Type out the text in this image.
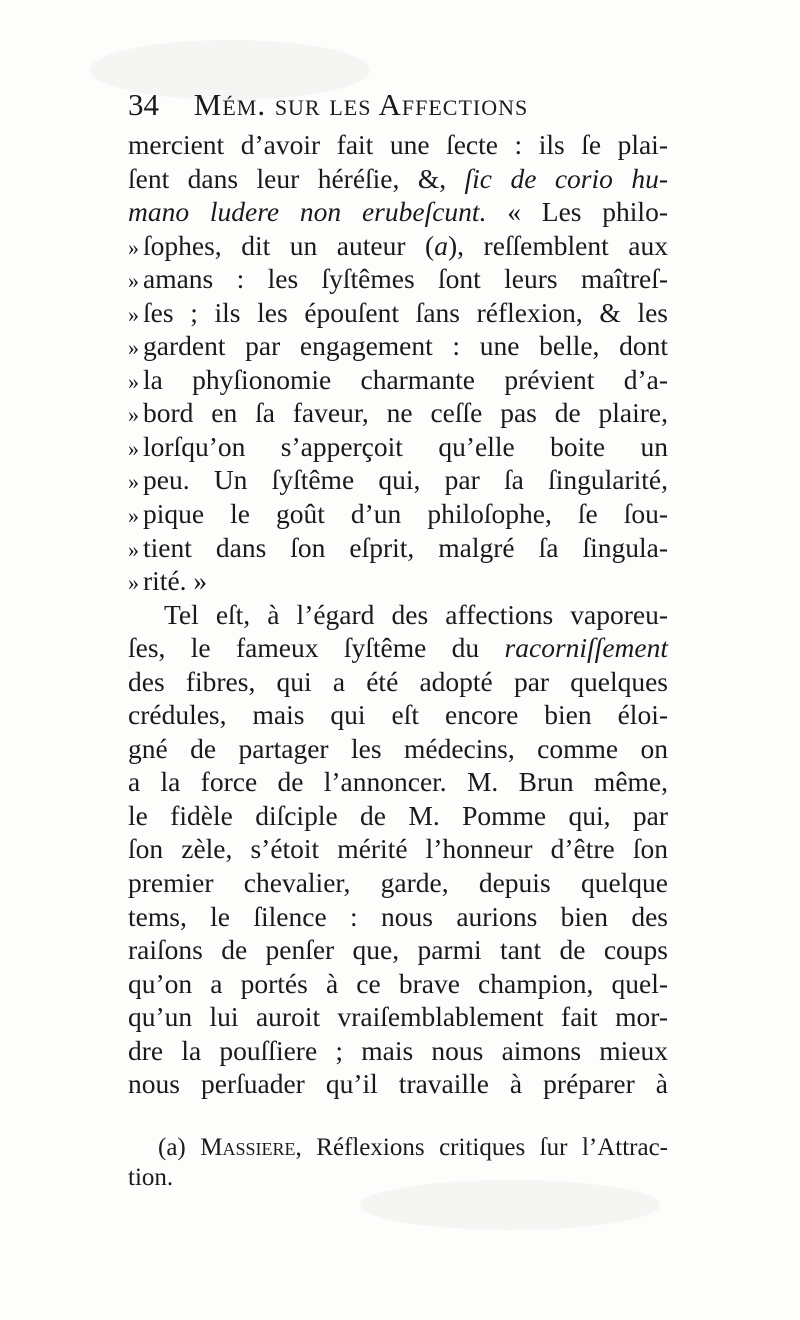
34 Mém. sur les Affections
mercient d’avoir fait une ſecte : ils ſe plai-
ſent dans leur héréſie, &, ſic de corio hu-
mano ludere non erubeſcunt. « Les philo-
» ſophes, dit un auteur (a), reſſemblent aux
» amans : les ſyſtêmes ſont leurs maîtreſ-
» ſes ; ils les épouſent ſans réflexion, & les
» gardent par engagement : une belle, dont
» la phyſionomie charmante prévient d’a-
» bord en ſa faveur, ne ceſſe pas de plaire,
» lorſqu’on s’apperçoit qu’elle boite un
» peu. Un ſyſtême qui, par ſa ſingularité,
» pique le goût d’un philoſophe, ſe ſou-
» tient dans ſon eſprit, malgré ſa ſingula-
» rité. »
Tel eſt, à l’égard des affections vaporeu-
ſes, le fameux ſyſtême du racorniſſement
des fibres, qui a été adopté par quelques
crédules, mais qui eſt encore bien éloi-
gné de partager les médecins, comme on
a la force de l’annoncer. M. Brun même,
le fidèle diſciple de M. Pomme qui, par
ſon zèle, s’étoit mérité l’honneur d’être ſon
premier chevalier, garde, depuis quelque
tems, le ſilence : nous aurions bien des
raiſons de penſer que, parmi tant de coups
qu’on a portés à ce brave champion, quel-
qu’un lui auroit vraiſemblablement fait mor-
dre la pouſſiere ; mais nous aimons mieux
nous perſuader qu’il travaille à préparer à
(a) Massiere, Réflexions critiques ſur l’Attrac-
tion.
